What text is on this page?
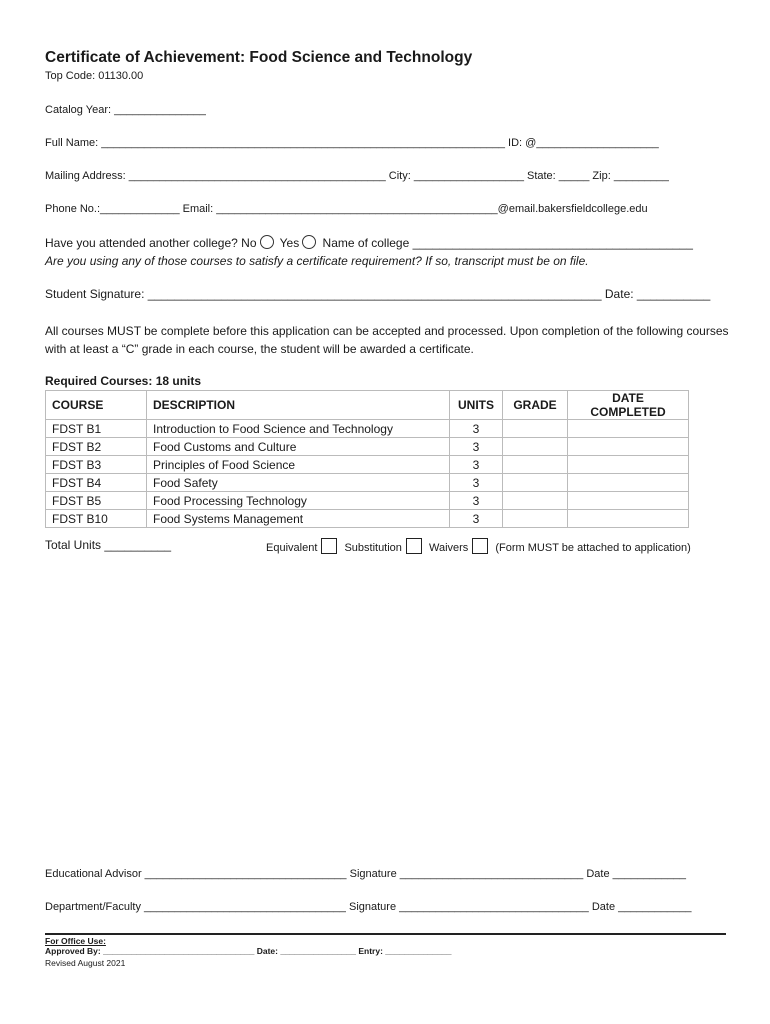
Certificate of Achievement: Food Science and Technology
Top Code: 01130.00
Catalog Year: _______________
Full Name: __________________________________________________________________ ID: @____________________
Mailing Address: __________________________________________ City: __________________ State: _____ Zip: _________
Phone No.:_____________ Email: ______________________________________________@email.bakersfieldcollege.edu
Have you attended another college? No Yes Name of college __________________________________________
Are you using any of those courses to satisfy a certificate requirement? If so, transcript must be on file.
Student Signature: ____________________________________________________________________ Date: ___________
All courses MUST be complete before this application can be accepted and processed. Upon completion of the following courses with at least a “C” grade in each course, the student will be awarded a certificate.
Required Courses: 18 units
COURSE	DESCRIPTION	UNITS	GRADE	DATE COMPLETED
FDST B1	Introduction to Food Science and Technology	3		
FDST B2	Food Customs and Culture	3		
FDST B3	Principles of Food Science	3		
FDST B4	Food Safety	3		
FDST B5	Food Processing Technology	3		
FDST B10	Food Systems Management	3		
Total Units __________	Equivalent Substitution Waivers (Form MUST be attached to application)
Educational Advisor _________________________________ Signature ______________________________ Date ____________
Department/Faculty _________________________________ Signature _______________________________ Date ____________
For Office Use:
Approved By: ________________________________ Date: ________________ Entry: ______________
Revised August 2021
